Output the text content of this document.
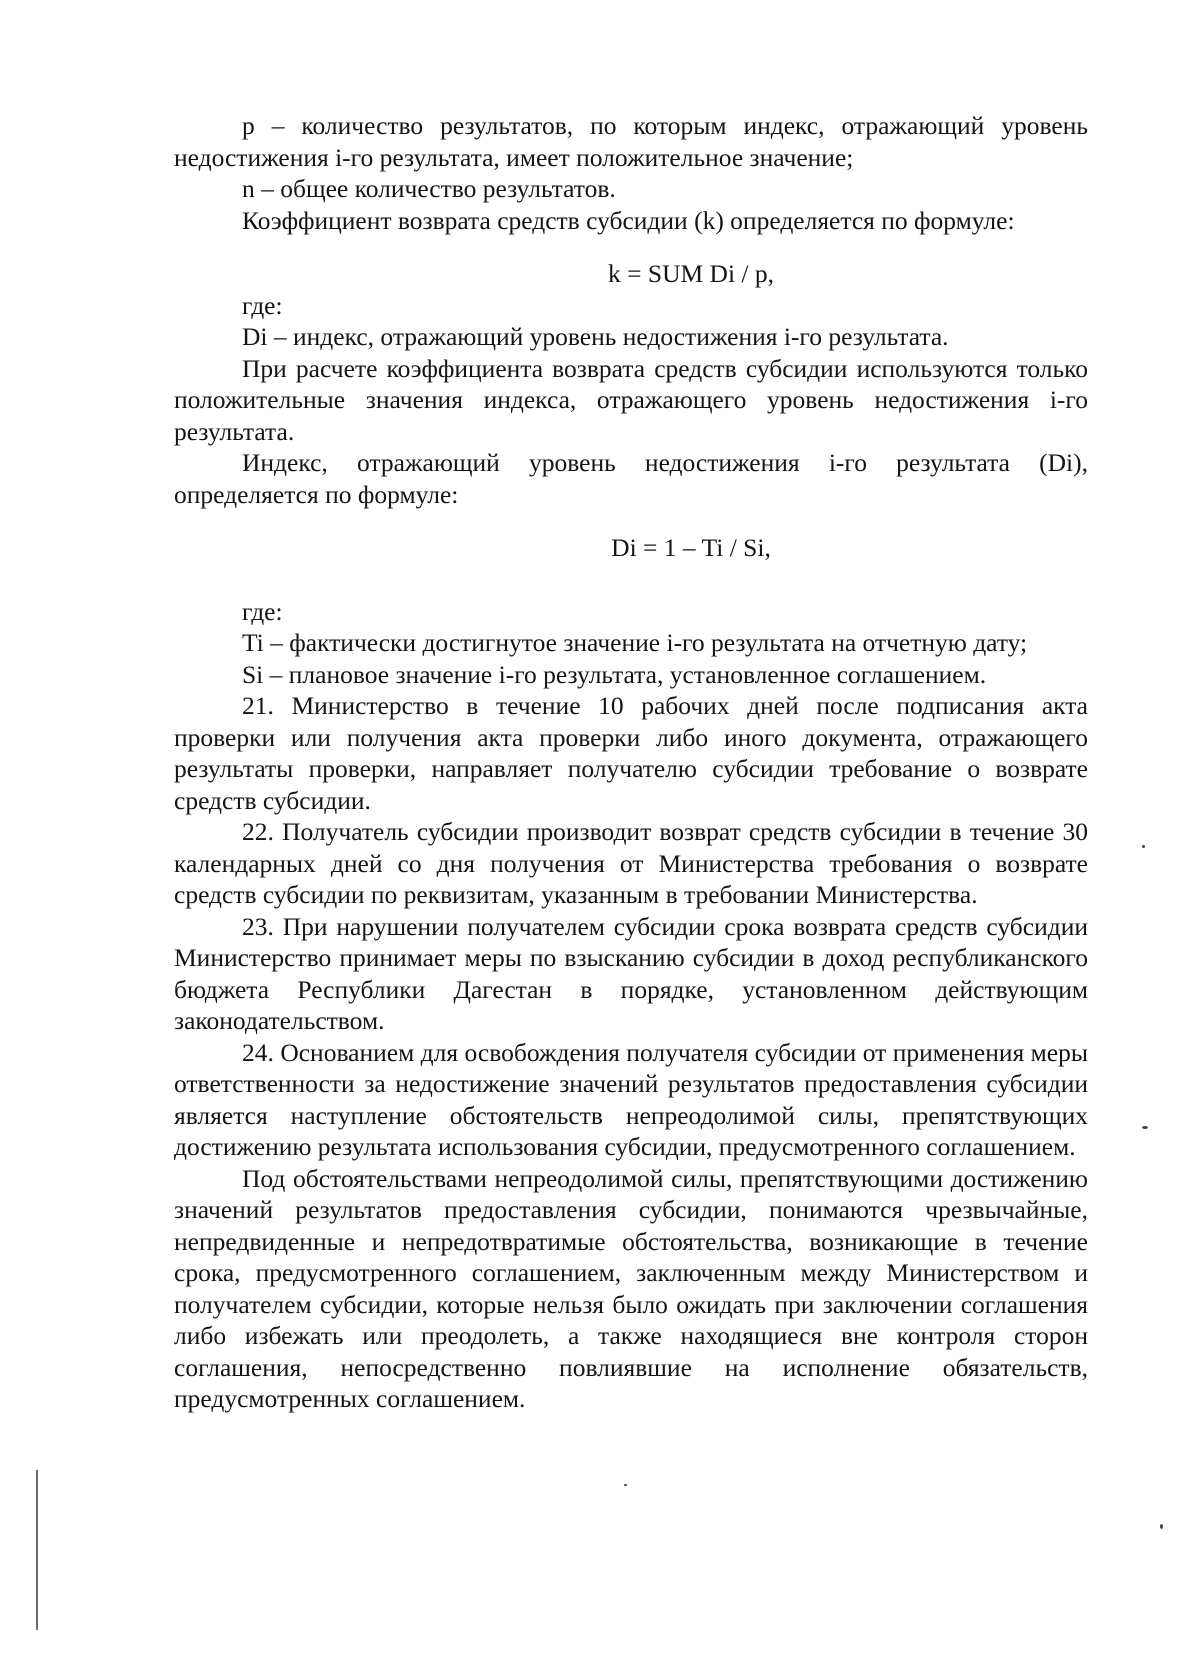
p – количество результатов, по которым индекс, отражающий уровень недостижения i-го результата, имеет положительное значение;

n – общее количество результатов.

Коэффициент возврата средств субсидии (k) определяется по формуле:

k = SUM Di / p,

где:

Di – индекс, отражающий уровень недостижения i-го результата.

При расчете коэффициента возврата средств субсидии используются только положительные значения индекса, отражающего уровень недостижения i-го результата.

Индекс, отражающий уровень недостижения i-го результата (Di), определяется по формуле:

Di = 1 – Ti / Si,

где:

Ti – фактически достигнутое значение i-го результата на отчетную дату;

Si – плановое значение i-го результата, установленное соглашением.

21. Министерство в течение 10 рабочих дней после подписания акта проверки или получения акта проверки либо иного документа, отражающего результаты проверки, направляет получателю субсидии требование о возврате средств субсидии.

22. Получатель субсидии производит возврат средств субсидии в течение 30 календарных дней со дня получения от Министерства требования о возврате средств субсидии по реквизитам, указанным в требовании Министерства.

23. При нарушении получателем субсидии срока возврата средств субсидии Министерство принимает меры по взысканию субсидии в доход республиканского бюджета Республики Дагестан в порядке, установленном действующим законодательством.

24. Основанием для освобождения получателя субсидии от применения меры ответственности за недостижение значений результатов предоставления субсидии является наступление обстоятельств непреодолимой силы, препятствующих достижению результата использования субсидии, предусмотренного соглашением.

Под обстоятельствами непреодолимой силы, препятствующими достижению значений результатов предоставления субсидии, понимаются чрезвычайные, непредвиденные и непредотвратимые обстоятельства, возникающие в течение срока, предусмотренного соглашением, заключенным между Министерством и получателем субсидии, которые нельзя было ожидать при заключении соглашения либо избежать или преодолеть, а также находящиеся вне контроля сторон соглашения, непосредственно повлиявшие на исполнение обязательств, предусмотренных соглашением.
